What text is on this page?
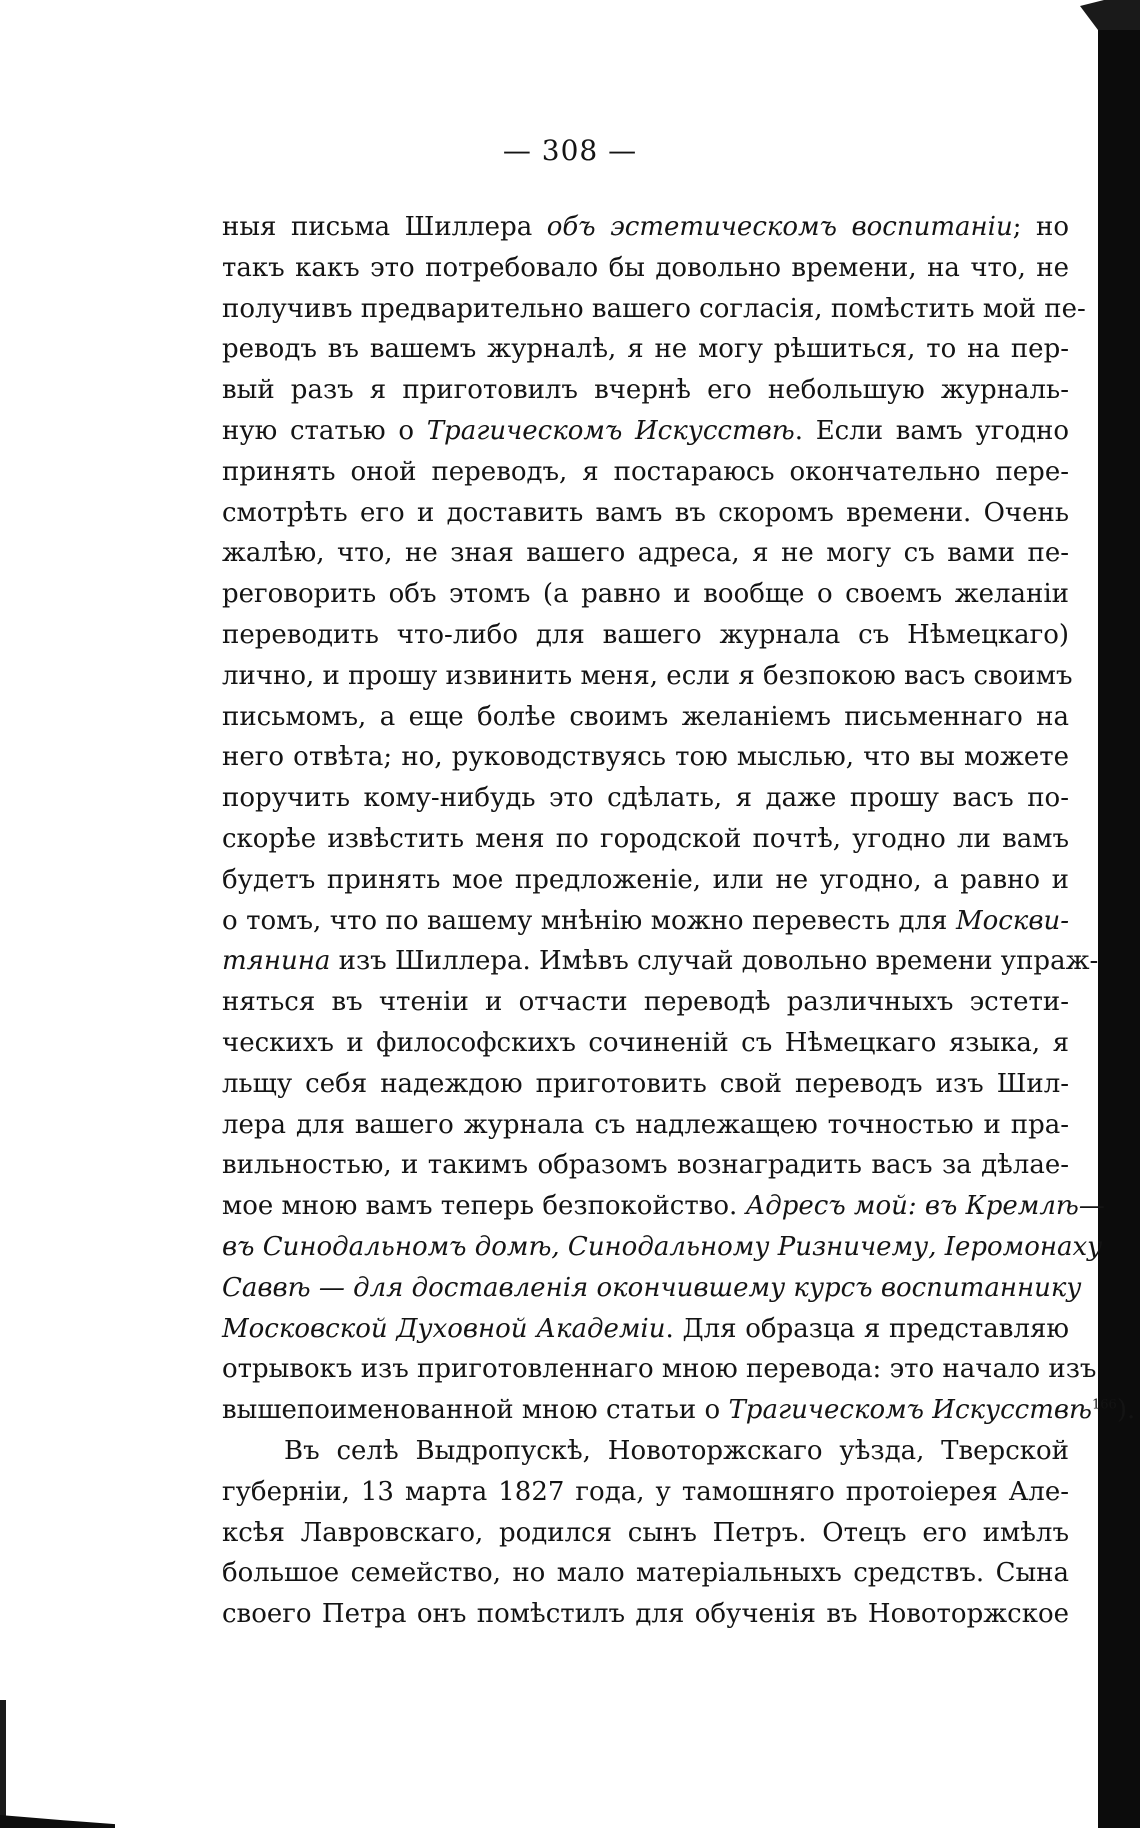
— 308 —
ныя письма Шиллера объ эстетическомъ воспитаніи; но
такъ какъ это потребовало бы довольно времени, на что, не
получивъ предварительно вашего согласія, помѣстить мой пе-
реводъ въ вашемъ журналѣ, я не могу рѣшиться, то на пер-
вый разъ я приготовилъ вчернѣ его небольшую журналь-
ную статью о Трагическомъ Искусствѣ. Если вамъ угодно
принять оной переводъ, я постараюсь окончательно пере-
смотрѣть его и доставить вамъ въ скоромъ времени. Очень
жалѣю, что, не зная вашего адреса, я не могу съ вами пе-
реговорить объ этомъ (а равно и вообще о своемъ желаніи
переводить что-либо для вашего журнала съ Нѣмецкаго)
лично, и прошу извинить меня, если я безпокою васъ своимъ
письмомъ, а еще болѣе своимъ желаніемъ письменнаго на
него отвѣта; но, руководствуясь тою мыслью, что вы можете
поручить кому-нибудь это сдѣлать, я даже прошу васъ по-
скорѣе извѣстить меня по городской почтѣ, угодно ли вамъ
будетъ принять мое предложеніе, или не угодно, а равно и
о томъ, что по вашему мнѣнію можно перевесть для Москви-
тянина изъ Шиллера. Имѣвъ случай довольно времени упраж-
няться въ чтеніи и отчасти переводѣ различныхъ эстети-
ческихъ и философскихъ сочиненій съ Нѣмецкаго языка, я
льщу себя надеждою приготовить свой переводъ изъ Шил-
лера для вашего журнала съ надлежащею точностью и пра-
вильностью, и такимъ образомъ вознаградить васъ за дѣлае-
мое мною вамъ теперь безпокойство. Адресъ мой: въ Кремлѣ—
въ Синодальномъ домѣ, Синодальному Ризничему, Іеромонаху
Саввѣ — для доставленія окончившему курсъ воспитаннику
Московской Духовной Академіи. Для образца я представляю
отрывокъ изъ приготовленнаго мною перевода: это начало изъ
вышепоименованной мною статьи о Трагическомъ Искусствѣ$^{166}$).
Въ селѣ Выдропускѣ, Новоторжскаго уѣзда, Тверской
губерніи, 13 марта 1827 года, у тамошняго протоіерея Але-
ксѣя Лавровскаго, родился сынъ Петръ. Отецъ его имѣлъ
большое семейство, но мало матеріальныхъ средствъ. Сына
своего Петра онъ помѣстилъ для обученія въ Новоторжское
